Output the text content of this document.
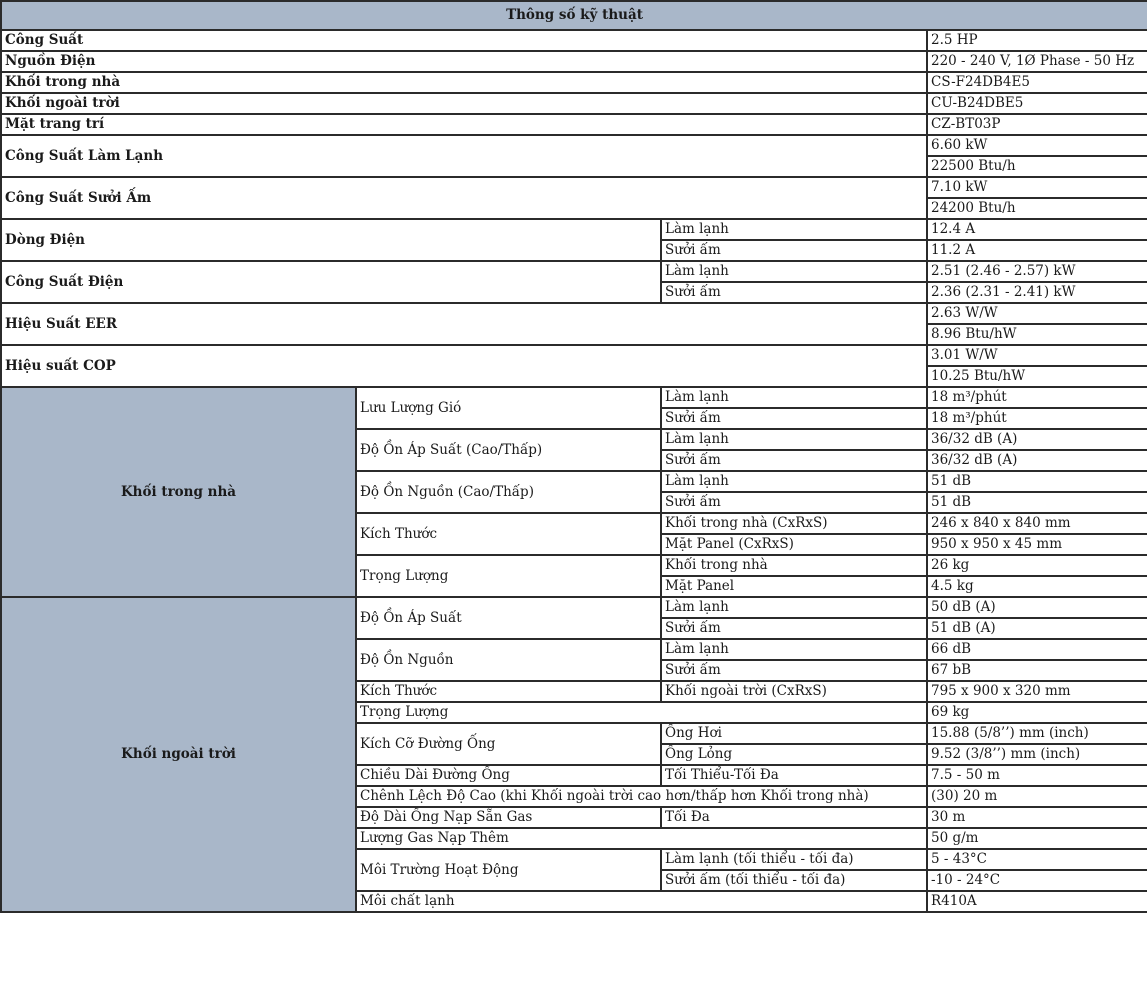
Thông số kỹ thuật			
Công Suất			2.5 HP
Nguồn Điện			220 - 240 V, 1Ø Phase - 50 Hz
Khối trong nhà			CS-F24DB4E5
Khối ngoài trời			CU-B24DBE5
Mặt trang trí			CZ-BT03P
Công Suất Làm Lạnh			6.60 kW
			22500 Btu/h
Công Suất Sưởi Ấm			7.10 kW
			24200 Btu/h
Dòng Điện		Làm lạnh	12.4 A
		Sưởi ấm	11.2 A
Công Suất Điện		Làm lạnh	2.51 (2.46 - 2.57) kW
		Sưởi ấm	2.36 (2.31 - 2.41) kW
Hiệu Suất EER			2.63 W/W
			8.96 Btu/hW
Hiệu suất COP			3.01 W/W
			10.25 Btu/hW
Khối trong nhà	Lưu Lượng Gió	Làm lạnh	18 m³/phút
		Sưởi ấm	18 m³/phút
	Độ Ồn Áp Suất (Cao/Thấp)	Làm lạnh	36/32 dB (A)
		Sưởi ấm	36/32 dB (A)
	Độ Ồn Nguồn (Cao/Thấp)	Làm lạnh	51 dB
		Sưởi ấm	51 dB
	Kích Thước	Khối trong nhà (CxRxS)	246 x 840 x 840 mm
		Mặt Panel (CxRxS)	950 x 950 x 45 mm
	Trọng Lượng	Khối trong nhà	26 kg
		Mặt Panel	4.5 kg
Khối ngoài trời	Độ Ồn Áp Suất	Làm lạnh	50 dB (A)
		Sưởi ấm	51 dB (A)
	Độ Ồn Nguồn	Làm lạnh	66 dB
		Sưởi ấm	67 bB
	Kích Thước	Khối ngoài trời (CxRxS)	795 x 900 x 320 mm
	Trọng Lượng		69 kg
	Kích Cỡ Đường Ống	Ống Hơi	15.88 (5/8’’) mm (inch)
		Ống Lỏng	9.52 (3/8’’) mm (inch)
	Chiều Dài Đường Ống	Tối Thiểu-Tối Đa	7.5 - 50 m
	Chênh Lệch Độ Cao (khi Khối ngoài trời cao hơn/thấp hơn Khối trong nhà)		(30) 20 m
	Độ Dài Ống Nạp Sẵn Gas	Tối Đa	30 m
	Lượng Gas Nạp Thêm		50 g/m
	Môi Trường Hoạt Động	Làm lạnh (tối thiểu - tối đa)	5 - 43°C
		Sưởi ấm (tối thiểu - tối đa)	-10 - 24°C
	Môi chất lạnh		R410A
